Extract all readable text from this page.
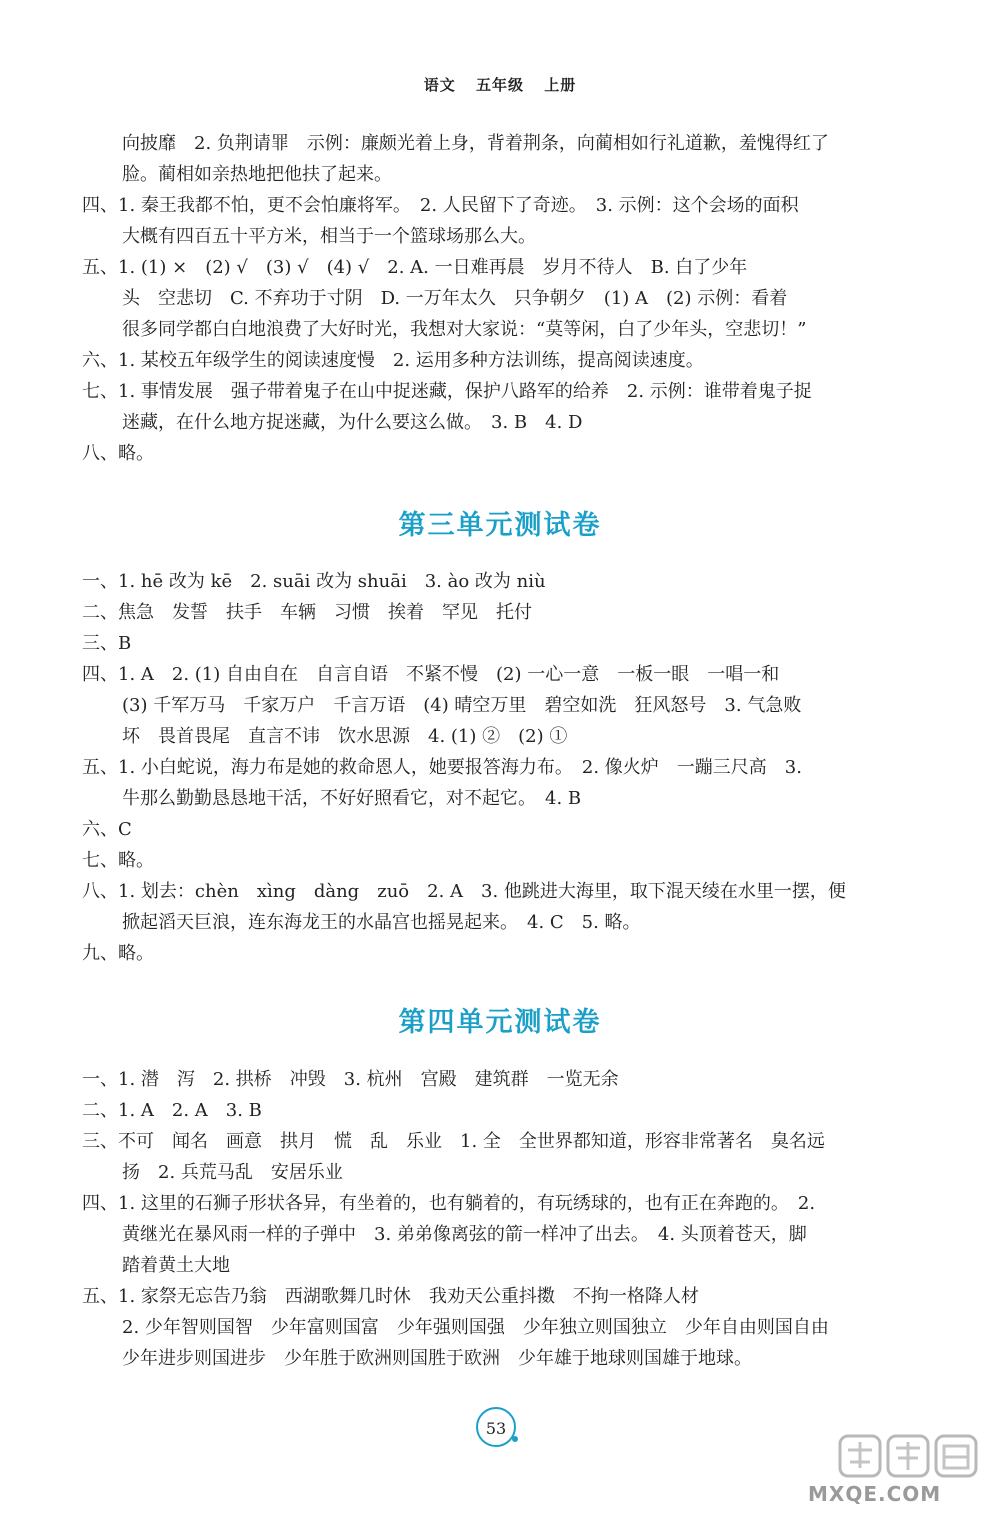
语文 五年级 上册
向披靡　2. 负荆请罪　示例：廉颇光着上身，背着荆条，向蔺相如行礼道歉，羞愧得红了
脸。蔺相如亲热地把他扶了起来。
四、1. 秦王我都不怕，更不会怕廉将军。　2. 人民留下了奇迹。　3. 示例：这个会场的面积
大概有四百五十平方米，相当于一个篮球场那么大。
五、1. (1) ×　(2) √　(3) √　(4) √　2. A. 一日难再晨　岁月不待人　B. 白了少年
头　空悲切　C. 不弃功于寸阴　D. 一万年太久　只争朝夕　(1) A　(2) 示例：看着
很多同学都白白地浪费了大好时光，我想对大家说：“莫等闲，白了少年头，空悲切！”
六、1. 某校五年级学生的阅读速度慢　2. 运用多种方法训练，提高阅读速度。
七、1. 事情发展　强子带着鬼子在山中捉迷藏，保护八路军的给养　2. 示例：谁带着鬼子捉
迷藏，在什么地方捉迷藏，为什么要这么做。　3. B　4. D
八、略。
第三单元测试卷
一、1. hē 改为 kē　2. suāi 改为 shuāi　3. ào 改为 niù
二、焦急　发誓　扶手　车辆　习惯　挨着　罕见　托付
三、B
四、1. A　2. (1) 自由自在　自言自语　不紧不慢　(2) 一心一意　一板一眼　一唱一和
(3) 千军万马　千家万户　千言万语　(4) 晴空万里　碧空如洗　狂风怒号　3. 气急败
坏　畏首畏尾　直言不讳　饮水思源　4. (1) ②　(2) ①
五、1. 小白蛇说，海力布是她的救命恩人，她要报答海力布。　2. 像火炉　一蹦三尺高　3.
牛那么勤勤恳恳地干活，不好好照看它，对不起它。　4. B
六、C
七、略。
八、1. 划去：chèn　xìng　dàng　zuō　2. A　3. 他跳进大海里，取下混天绫在水里一摆，便
掀起滔天巨浪，连东海龙王的水晶宫也摇晃起来。　4. C　5. 略。
九、略。
第四单元测试卷
一、1. 潜　泻　2. 拱桥　冲毁　3. 杭州　宫殿　建筑群　一览无余
二、1. A　2. A　3. B
三、不可　闻名　画意　拱月　慌　乱　乐业　1. 全　全世界都知道，形容非常著名　臭名远
扬　2. 兵荒马乱　安居乐业
四、1. 这里的石狮子形状各异，有坐着的，也有躺着的，有玩绣球的，也有正在奔跑的。　2.
黄继光在暴风雨一样的子弹中　3. 弟弟像离弦的箭一样冲了出去。　4. 头顶着苍天，脚
踏着黄土大地
五、1. 家祭无忘告乃翁　西湖歌舞几时休　我劝天公重抖擞　不拘一格降人材
2. 少年智则国智　少年富则国富　少年强则国强　少年独立则国独立　少年自由则国自由
少年进步则国进步　少年胜于欧洲则国胜于欧洲　少年雄于地球则国雄于地球。
53
MXQE.COM
